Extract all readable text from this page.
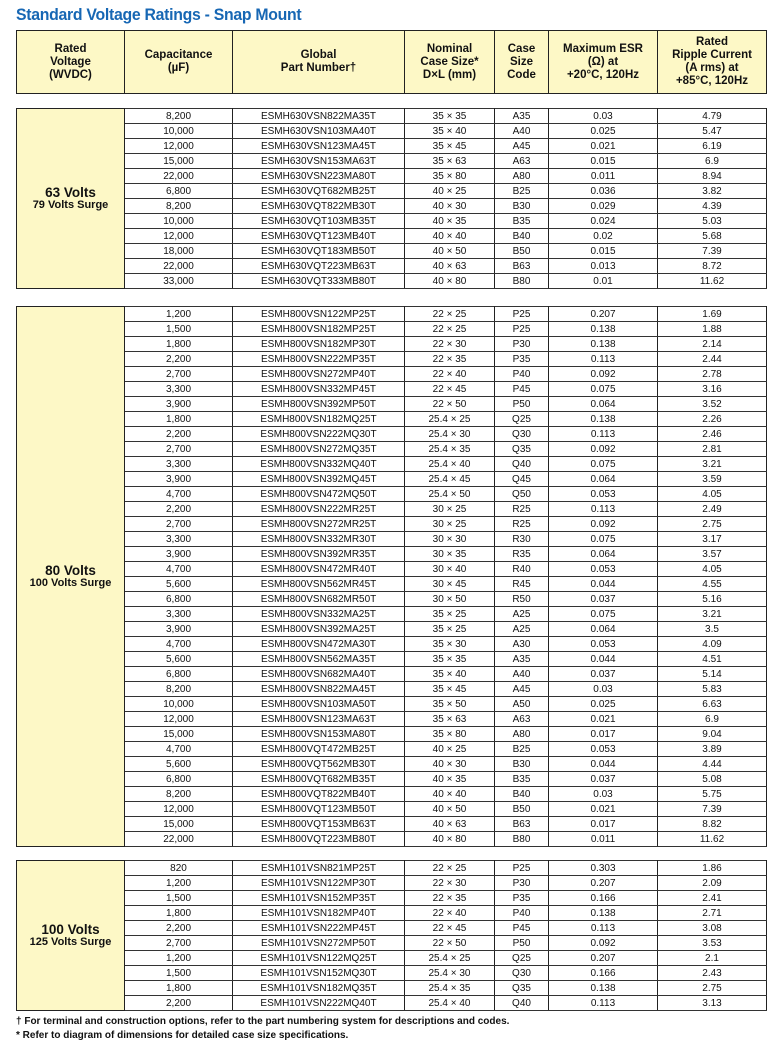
Standard Voltage Ratings - Snap Mount
Rated
Voltage
(WVDC)	Capacitance
(µF)	Global
Part Number†	Nominal
Case Size*
D×L (mm)	Case
Size
Code	Maximum ESR
(Ω) at
+20°C, 120Hz	Rated
Ripple Current
(A rms) at
+85°C, 120Hz
63 Volts
79 Volts Surge	8,200	ESMH630VSN822MA35T	35 × 35	A35	0.03	4.79
	10,000	ESMH630VSN103MA40T	35 × 40	A40	0.025	5.47
	12,000	ESMH630VSN123MA45T	35 × 45	A45	0.021	6.19
	15,000	ESMH630VSN153MA63T	35 × 63	A63	0.015	6.9
	22,000	ESMH630VSN223MA80T	35 × 80	A80	0.011	8.94
	6,800	ESMH630VQT682MB25T	40 × 25	B25	0.036	3.82
	8,200	ESMH630VQT822MB30T	40 × 30	B30	0.029	4.39
	10,000	ESMH630VQT103MB35T	40 × 35	B35	0.024	5.03
	12,000	ESMH630VQT123MB40T	40 × 40	B40	0.02	5.68
	18,000	ESMH630VQT183MB50T	40 × 50	B50	0.015	7.39
	22,000	ESMH630VQT223MB63T	40 × 63	B63	0.013	8.72
	33,000	ESMH630VQT333MB80T	40 × 80	B80	0.01	11.62
80 Volts
100 Volts Surge	1,200	ESMH800VSN122MP25T	22 × 25	P25	0.207	1.69
	1,500	ESMH800VSN182MP25T	22 × 25	P25	0.138	1.88
	1,800	ESMH800VSN182MP30T	22 × 30	P30	0.138	2.14
	2,200	ESMH800VSN222MP35T	22 × 35	P35	0.113	2.44
	2,700	ESMH800VSN272MP40T	22 × 40	P40	0.092	2.78
	3,300	ESMH800VSN332MP45T	22 × 45	P45	0.075	3.16
	3,900	ESMH800VSN392MP50T	22 × 50	P50	0.064	3.52
	1,800	ESMH800VSN182MQ25T	25.4 × 25	Q25	0.138	2.26
	2,200	ESMH800VSN222MQ30T	25.4 × 30	Q30	0.113	2.46
	2,700	ESMH800VSN272MQ35T	25.4 × 35	Q35	0.092	2.81
	3,300	ESMH800VSN332MQ40T	25.4 × 40	Q40	0.075	3.21
	3,900	ESMH800VSN392MQ45T	25.4 × 45	Q45	0.064	3.59
	4,700	ESMH800VSN472MQ50T	25.4 × 50	Q50	0.053	4.05
	2,200	ESMH800VSN222MR25T	30 × 25	R25	0.113	2.49
	2,700	ESMH800VSN272MR25T	30 × 25	R25	0.092	2.75
	3,300	ESMH800VSN332MR30T	30 × 30	R30	0.075	3.17
	3,900	ESMH800VSN392MR35T	30 × 35	R35	0.064	3.57
	4,700	ESMH800VSN472MR40T	30 × 40	R40	0.053	4.05
	5,600	ESMH800VSN562MR45T	30 × 45	R45	0.044	4.55
	6,800	ESMH800VSN682MR50T	30 × 50	R50	0.037	5.16
	3,300	ESMH800VSN332MA25T	35 × 25	A25	0.075	3.21
	3,900	ESMH800VSN392MA25T	35 × 25	A25	0.064	3.5
	4,700	ESMH800VSN472MA30T	35 × 30	A30	0.053	4.09
	5,600	ESMH800VSN562MA35T	35 × 35	A35	0.044	4.51
	6,800	ESMH800VSN682MA40T	35 × 40	A40	0.037	5.14
	8,200	ESMH800VSN822MA45T	35 × 45	A45	0.03	5.83
	10,000	ESMH800VSN103MA50T	35 × 50	A50	0.025	6.63
	12,000	ESMH800VSN123MA63T	35 × 63	A63	0.021	6.9
	15,000	ESMH800VSN153MA80T	35 × 80	A80	0.017	9.04
	4,700	ESMH800VQT472MB25T	40 × 25	B25	0.053	3.89
	5,600	ESMH800VQT562MB30T	40 × 30	B30	0.044	4.44
	6,800	ESMH800VQT682MB35T	40 × 35	B35	0.037	5.08
	8,200	ESMH800VQT822MB40T	40 × 40	B40	0.03	5.75
	12,000	ESMH800VQT123MB50T	40 × 50	B50	0.021	7.39
	15,000	ESMH800VQT153MB63T	40 × 63	B63	0.017	8.82
	22,000	ESMH800VQT223MB80T	40 × 80	B80	0.011	11.62
100 Volts
125 Volts Surge	820	ESMH101VSN821MP25T	22 × 25	P25	0.303	1.86
	1,200	ESMH101VSN122MP30T	22 × 30	P30	0.207	2.09
	1,500	ESMH101VSN152MP35T	22 × 35	P35	0.166	2.41
	1,800	ESMH101VSN182MP40T	22 × 40	P40	0.138	2.71
	2,200	ESMH101VSN222MP45T	22 × 45	P45	0.113	3.08
	2,700	ESMH101VSN272MP50T	22 × 50	P50	0.092	3.53
	1,200	ESMH101VSN122MQ25T	25.4 × 25	Q25	0.207	2.1
	1,500	ESMH101VSN152MQ30T	25.4 × 30	Q30	0.166	2.43
	1,800	ESMH101VSN182MQ35T	25.4 × 35	Q35	0.138	2.75
	2,200	ESMH101VSN222MQ40T	25.4 × 40	Q40	0.113	3.13
† For terminal and construction options, refer to the part numbering system for descriptions and codes.
* Refer to diagram of dimensions for detailed case size specifications.
